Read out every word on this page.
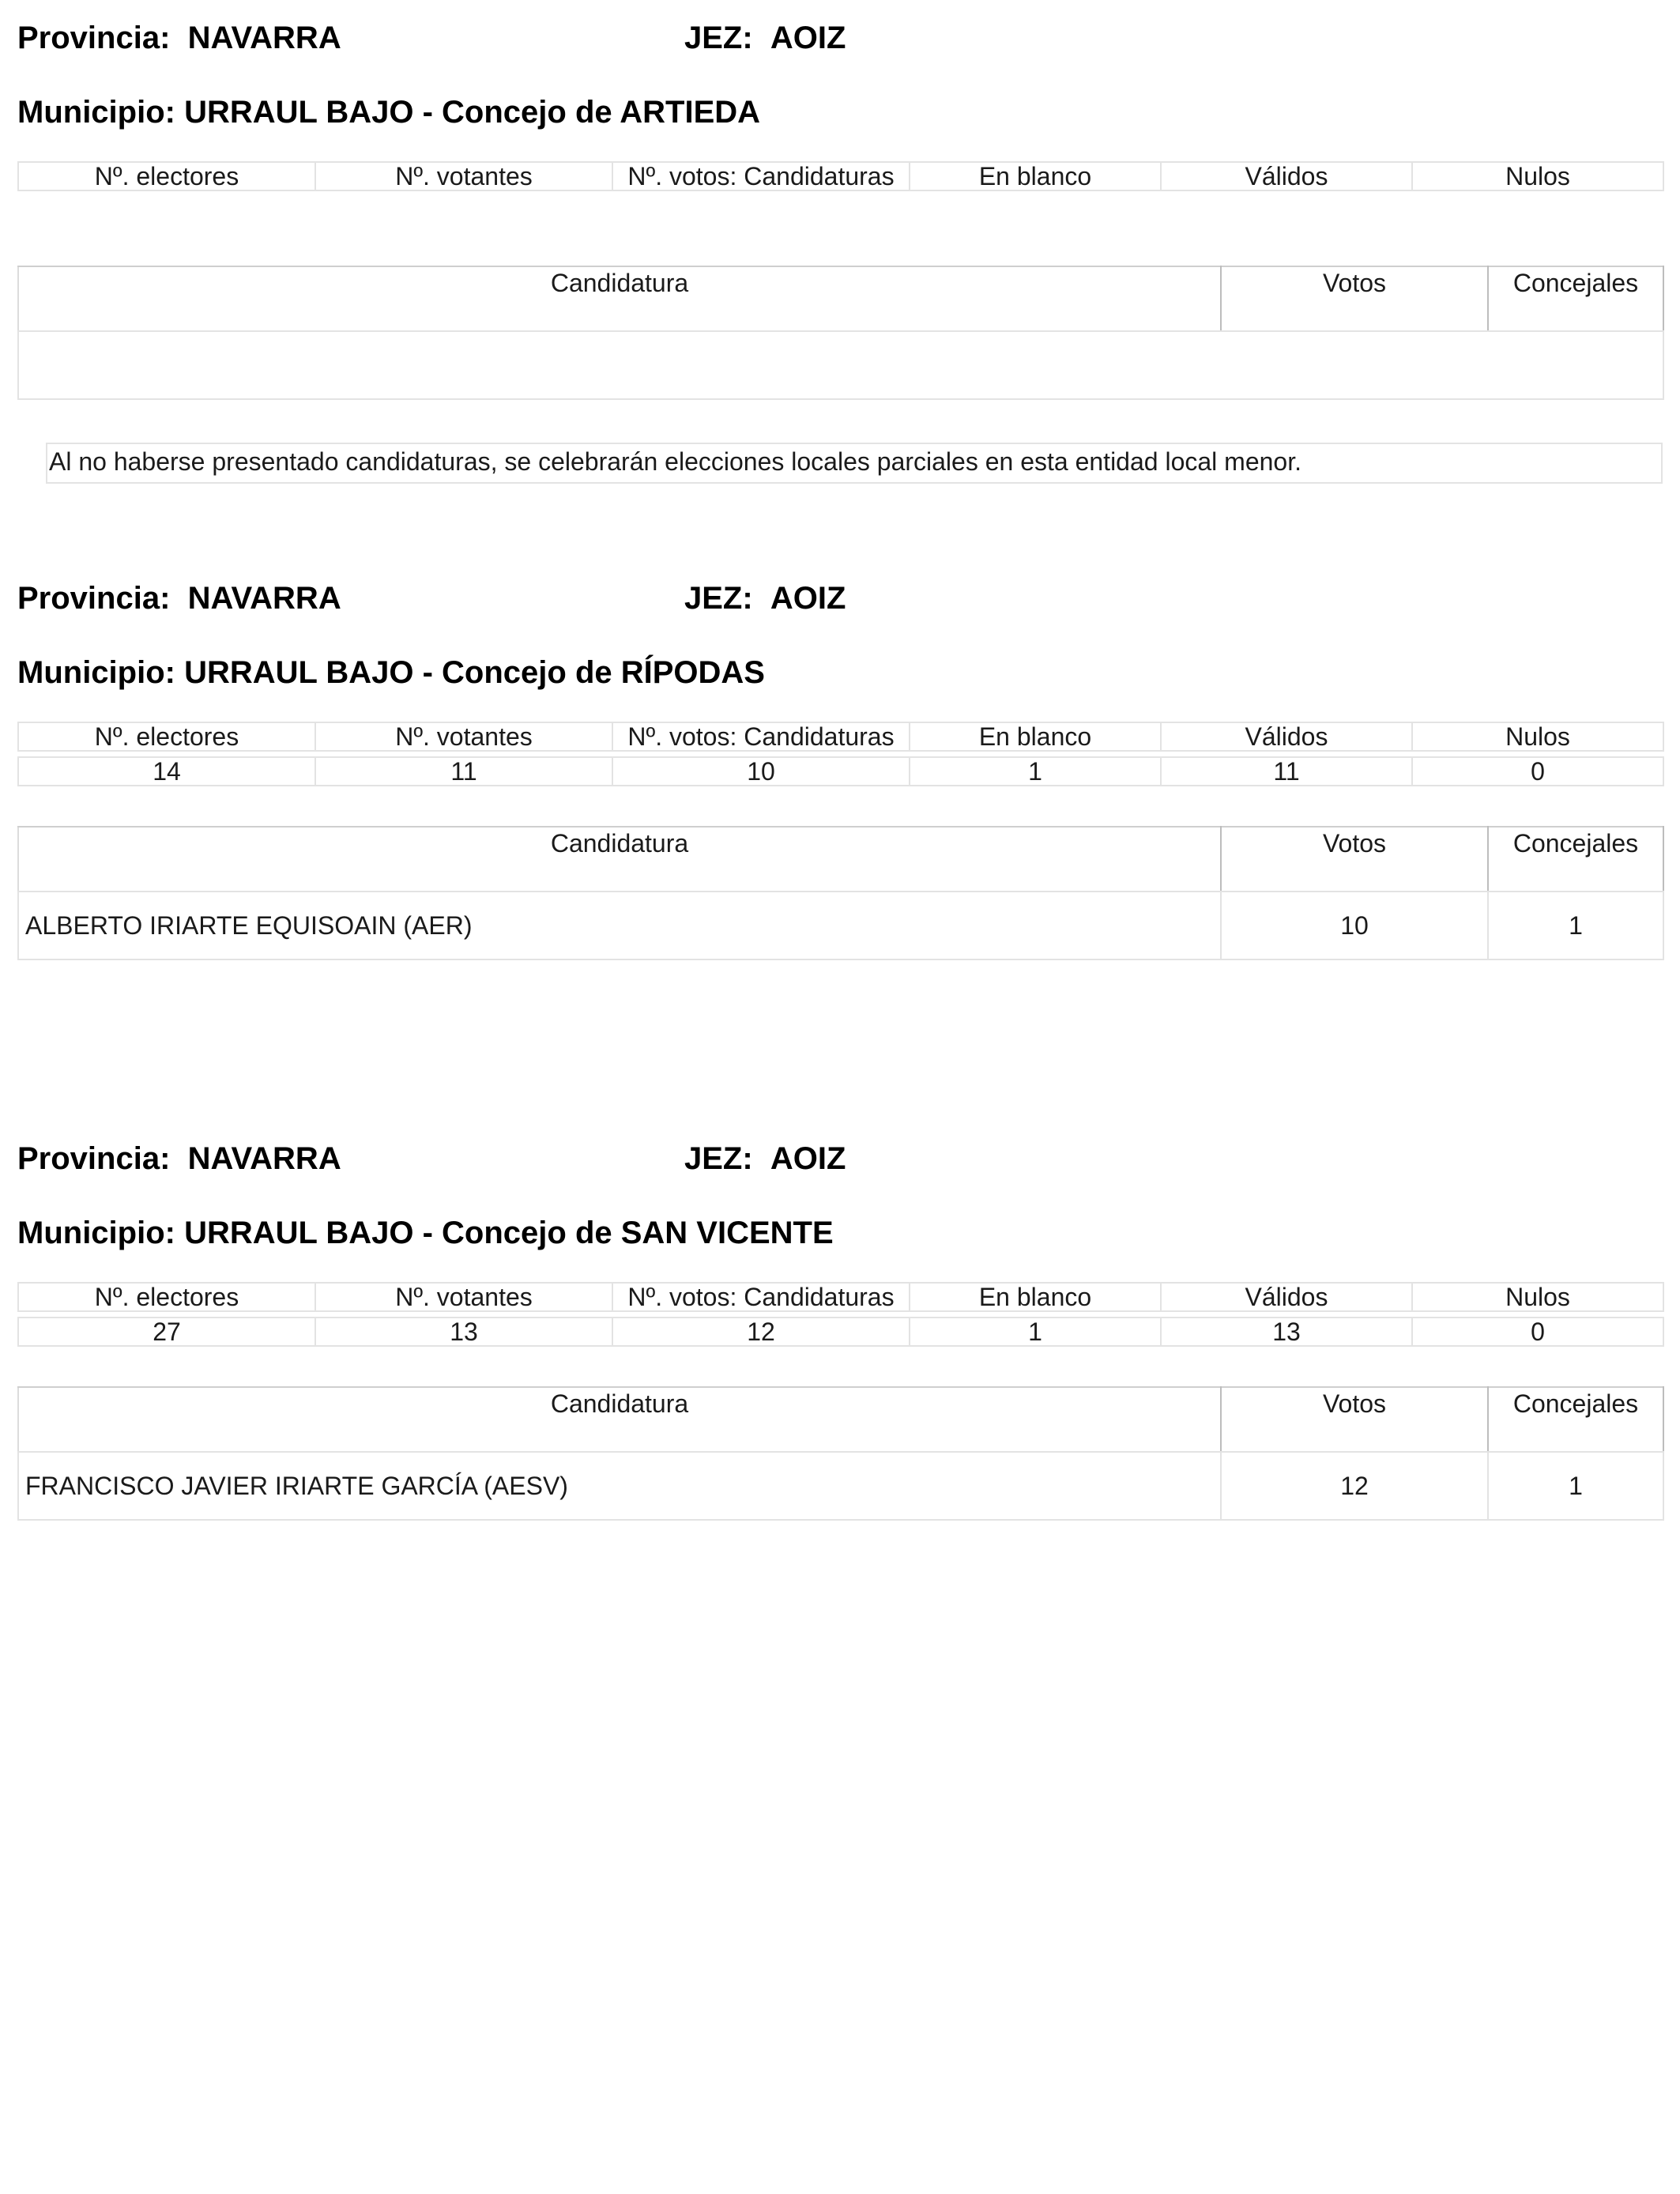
Provincia: NAVARRA	JEZ: AOIZ
Municipio: URRAUL BAJO - Concejo de ARTIEDA
Nº. electores	Nº. votantes	Nº. votos: Candidaturas	En blanco	Válidos	Nulos
Candidatura	Votos	Concejales

Al no haberse presentado candidaturas, se celebrarán elecciones locales parciales en esta entidad local menor.
Provincia: NAVARRA	JEZ: AOIZ
Municipio: URRAUL BAJO - Concejo de RÍPODAS
Nº. electores	Nº. votantes	Nº. votos: Candidaturas	En blanco	Válidos	Nulos

14	11	10	1	11	0
Candidatura	Votos	Concejales
ALBERTO IRIARTE EQUISOAIN (AER)	10	1
Provincia: NAVARRA	JEZ: AOIZ
Municipio: URRAUL BAJO - Concejo de SAN VICENTE
Nº. electores	Nº. votantes	Nº. votos: Candidaturas	En blanco	Válidos	Nulos

27	13	12	1	13	0
Candidatura	Votos	Concejales
FRANCISCO JAVIER IRIARTE GARCÍA (AESV)	12	1
